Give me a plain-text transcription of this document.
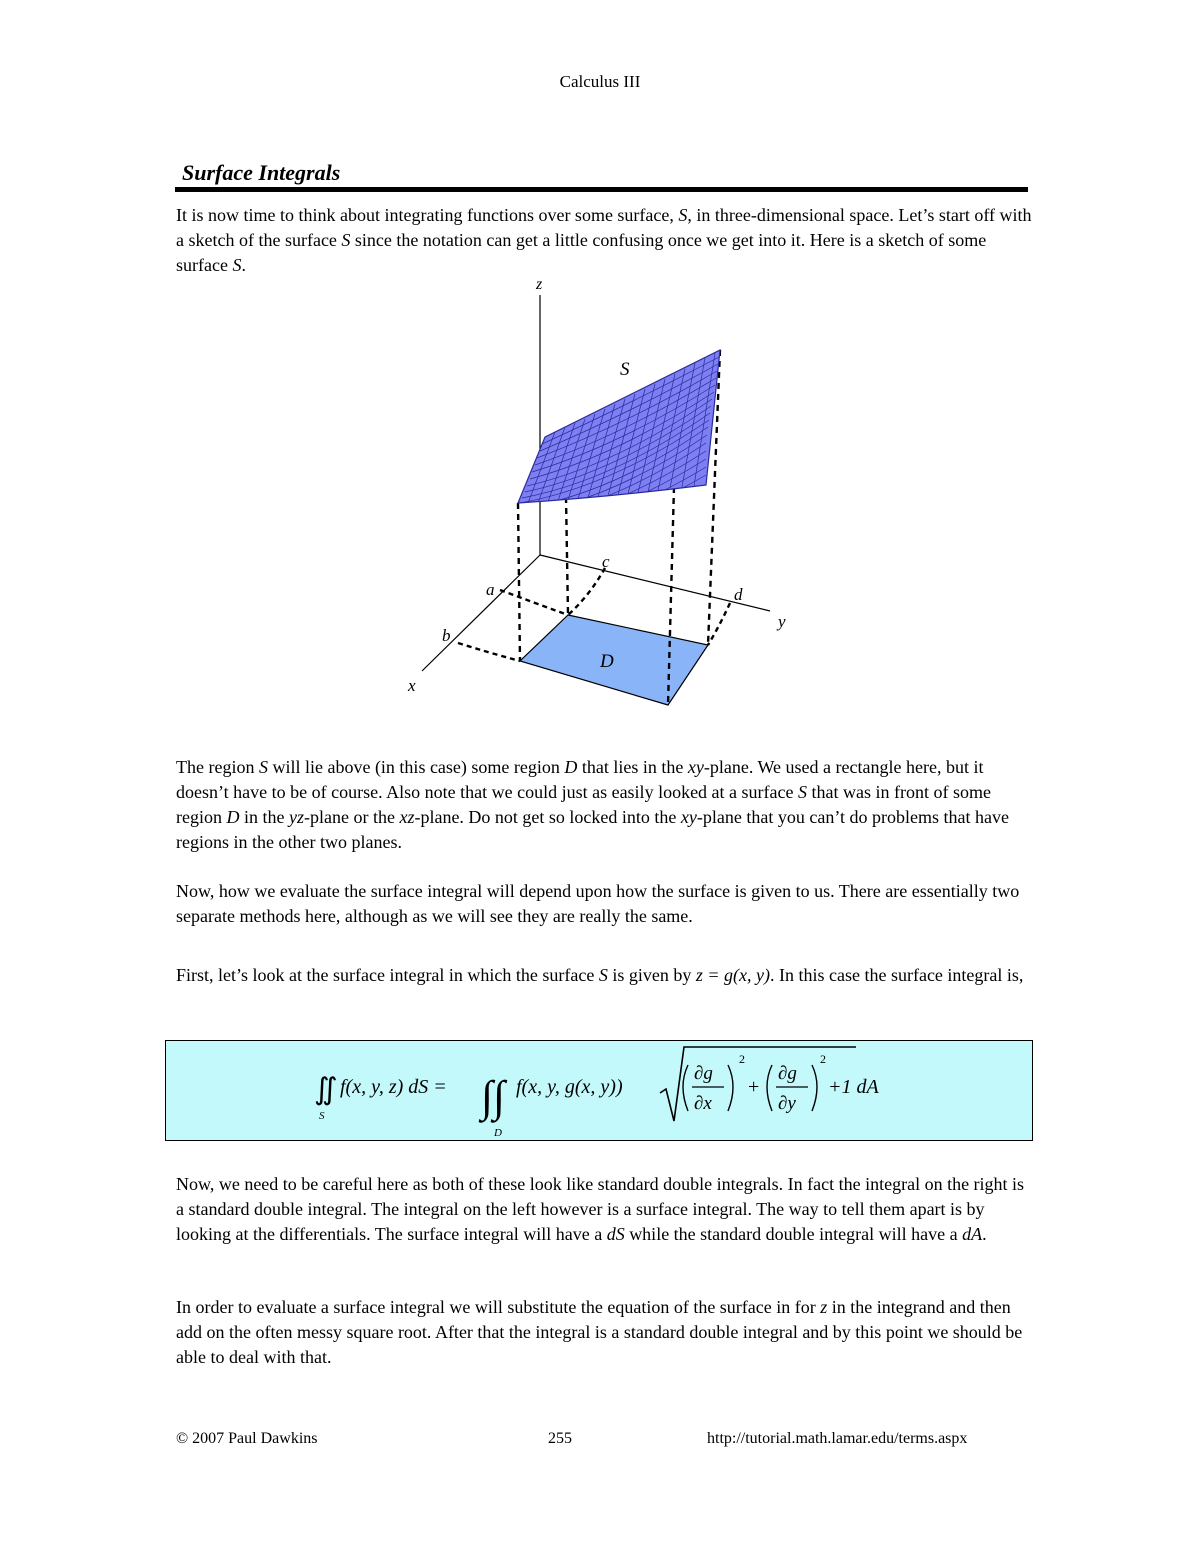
Calculus III
Surface Integrals

It is now time to think about integrating functions over some surface, S, in three-dimensional space. Let’s start off with a sketch of the surface S since the notation can get a little confusing once we get into it. Here is a sketch of some surface S.

z
S
y
x
D
a
b
c
d

The region S will lie above (in this case) some region D that lies in the xy-plane. We used a rectangle here, but it doesn’t have to be of course. Also note that we could just as easily looked at a surface S that was in front of some region D in the yz-plane or the xz-plane. Do not get so locked into the xy-plane that you can’t do problems that have regions in the other two planes.

Now, how we evaluate the surface integral will depend upon how the surface is given to us. There are essentially two separate methods here, although as we will see they are really the same.

First, let’s look at the surface integral in which the surface S is given by z = g(x, y). In this case the surface integral is,

∬
S
f(x, y, z) dS = ∫∫
D
f(x, y, g(x, y))
∂g
∂x
2
+
∂g
∂y
2
+1 dA

Now, we need to be careful here as both of these look like standard double integrals. In fact the integral on the right is a standard double integral. The integral on the left however is a surface integral. The way to tell them apart is by looking at the differentials. The surface integral will have a dS while the standard double integral will have a dA.

In order to evaluate a surface integral we will substitute the equation of the surface in for z in the integrand and then add on the often messy square root. After that the integral is a standard double integral and by this point we should be able to deal with that.

© 2007 Paul Dawkins	255	http://tutorial.math.lamar.edu/terms.aspx
